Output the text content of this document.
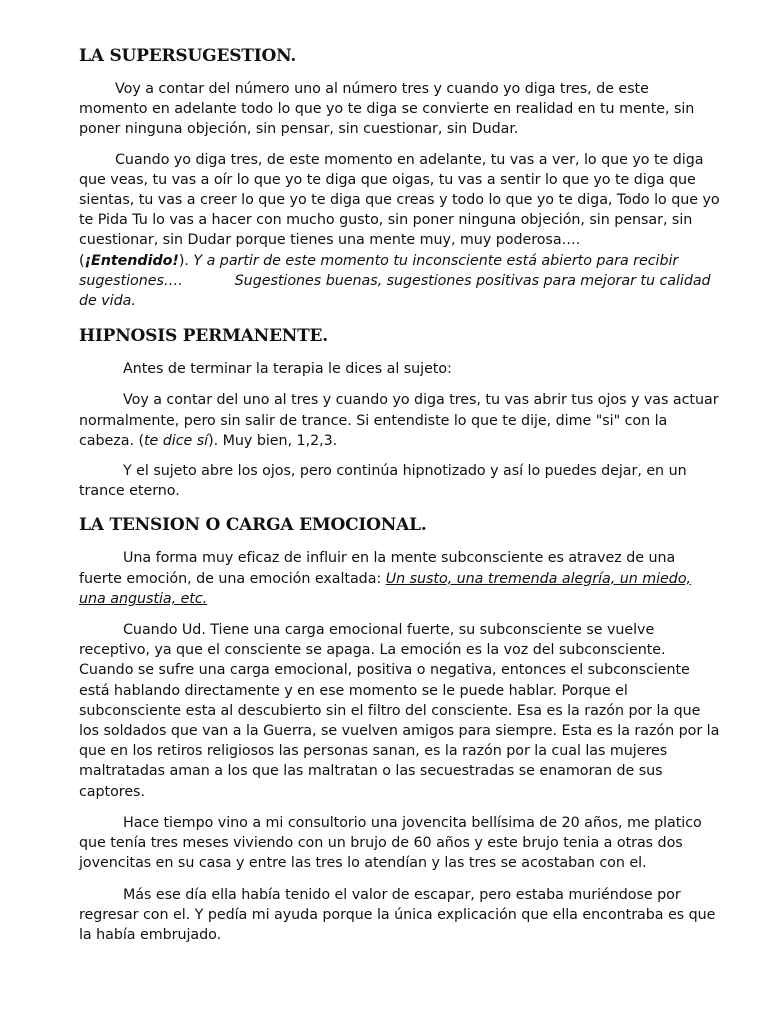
LA SUPERSUGESTION.

Voy a contar del número uno al número tres y cuando yo diga tres, de este momento en adelante todo lo que yo te diga se convierte en realidad en tu mente, sin poner ninguna objeción, sin pensar, sin cuestionar, sin Dudar.

Cuando yo diga tres, de este momento en adelante, tu vas a ver, lo que yo te diga que veas, tu vas a oír lo que yo te diga que oigas, tu vas a sentir lo que yo te diga que sientas, tu vas a creer lo que yo te diga que creas y todo lo que yo te diga, Todo lo que yo te Pida Tu lo vas a hacer con mucho gusto, sin poner ninguna objeción, sin pensar, sin cuestionar, sin Dudar porque tienes una mente muy, muy poderosa….(¡Entendido!). Y a partir de este momento tu inconsciente está abierto para recibir sugestiones….	Sugestiones buenas, sugestiones positivas para mejorar tu calidad de vida.

HIPNOSIS PERMANENTE.

Antes de terminar la terapia le dices al sujeto:

Voy a contar del uno al tres y cuando yo diga tres, tu vas abrir tus ojos y vas actuar normalmente, pero sin salir de trance. Si entendiste lo que te dije, dime "si" con la cabeza. (te dice sí). Muy bien, 1,2,3.

Y el sujeto abre los ojos, pero continúa hipnotizado y así lo puedes dejar, en un trance eterno.

LA TENSION O CARGA EMOCIONAL.

Una forma muy eficaz de influir en la mente subconsciente es atravez de una fuerte emoción, de una emoción exaltada: Un susto, una tremenda alegría, un miedo, una angustia, etc.

Cuando Ud. Tiene una carga emocional fuerte, su subconsciente se vuelve receptivo, ya que el consciente se apaga. La emoción es la voz del subconsciente. Cuando se sufre una carga emocional, positiva o negativa, entonces el subconsciente está hablando directamente y en ese momento se le puede hablar. Porque el subconsciente esta al descubierto sin el filtro del consciente. Esa es la razón por la que los soldados que van a la Guerra, se vuelven amigos para siempre. Esta es la razón por la que en los retiros religiosos las personas sanan, es la razón por la cual las mujeres maltratadas aman a los que las maltratan o las secuestradas se enamoran de sus captores.

Hace tiempo vino a mi consultorio una jovencita bellísima de 20 años, me platico que tenía tres meses viviendo con un brujo de 60 años y este brujo tenia a otras dos jovencitas en su casa y entre las tres lo atendían y las tres se acostaban con el.

Más ese día ella había tenido el valor de escapar, pero estaba muriéndose por regresar con el. Y pedía mi ayuda porque la única explicación que ella encontraba es que la había embrujado.
